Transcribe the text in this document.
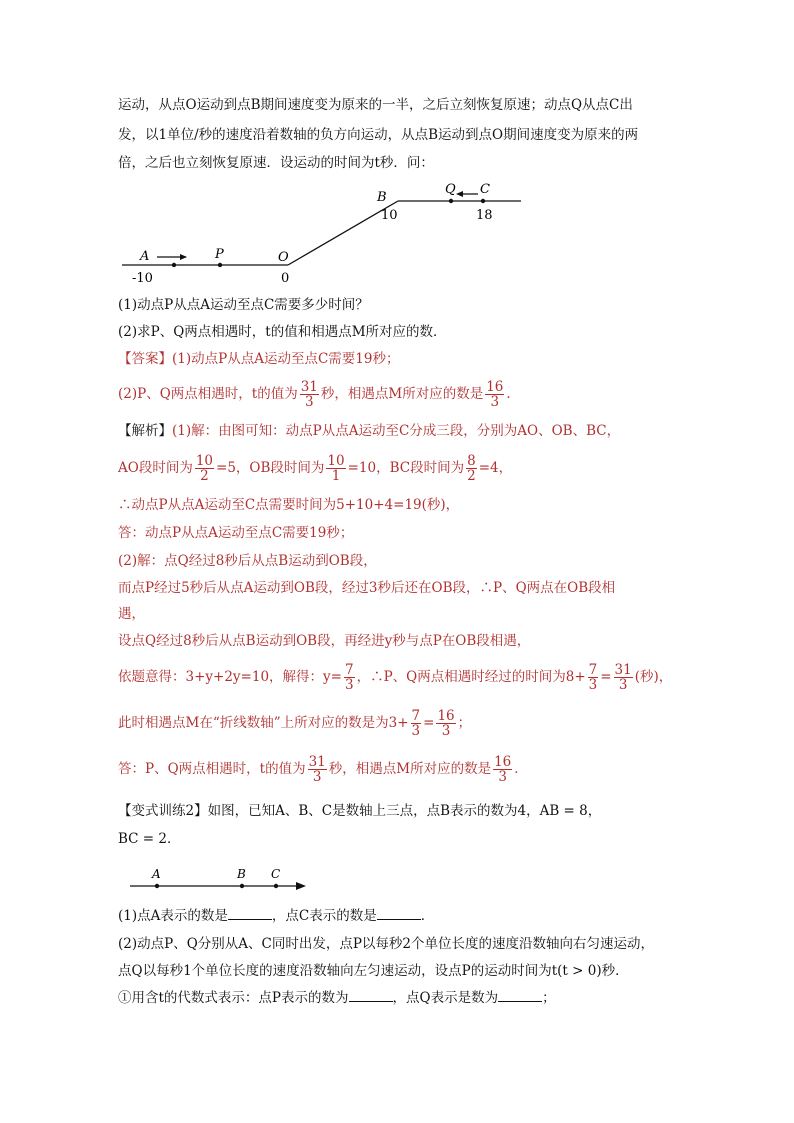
运动，从点O运动到点B期间速度变为原来的一半，之后立刻恢复原速；动点Q从点C出
发，以1单位/秒的速度沿着数轴的负方向运动，从点B运动到点O期间速度变为原来的两
倍，之后也立刻恢复原速．设运动的时间为t秒．问：
A	P	O
B
Q C
-10	0
10	18
(1)动点P从点A运动至点C需要多少时间？
(2)求P、Q两点相遇时，t的值和相遇点M所对应的数．
【答案】(1)动点P从点A运动至点C需要19秒；
(2)P、Q两点相遇时，t的值为 $\frac{31}{3}$ 秒，相遇点M所对应的数是 $\frac{16}{3}$ ．
【解析】(1)解：由图可知：动点P从点A运动至C分成三段，分别为AO、OB、BC，
AO段时间为 $\frac{10}{2} =5$，OB段时间为 $\frac{10}{1} =10$，BC段时间为 $\frac{8}{2} =4$，
∴动点P从点A运动至C点需要时间为5+10+4=19(秒)，
答：动点P从点A运动至点C需要19秒；
(2)解：点Q经过8秒后从点B运动到OB段，
而点P经过5秒后从点A运动到OB段，经过3秒后还在OB段，∴P、Q两点在OB段相
遇，
设点Q经过8秒后从点B运动到OB段，再经进y秒与点P在OB段相遇，
依题意得：3+y+2y=10，解得：$y= \frac{7}{3}$ ，∴P、Q两点相遇时经过的时间为$8+ \frac{7}{3} = \frac{31}{3}$ (秒)，
此时相遇点M在“折线数轴”上所对应的数是为$3+ \frac{7}{3} = \frac{16}{3}$ ；
答：P、Q两点相遇时，t的值为 $\frac{31}{3}$ 秒，相遇点M所对应的数是 $\frac{16}{3}$ ．
【变式训练2】如图，已知A、B、C是数轴上三点，点B表示的数为4，AB = 8，
BC = 2．
A	B C
(1)点A表示的数是	，点C表示的数是	．
(2)动点P、Q分别从A、C同时出发，点P以每秒2个单位长度的速度沿数轴向右匀速运动，
点Q以每秒1个单位长度的速度沿数轴向左匀速运动，设点P的运动时间为t(t > 0)秒．
①用含t的代数式表示：点P表示的数为	，点Q表示是数为	；
